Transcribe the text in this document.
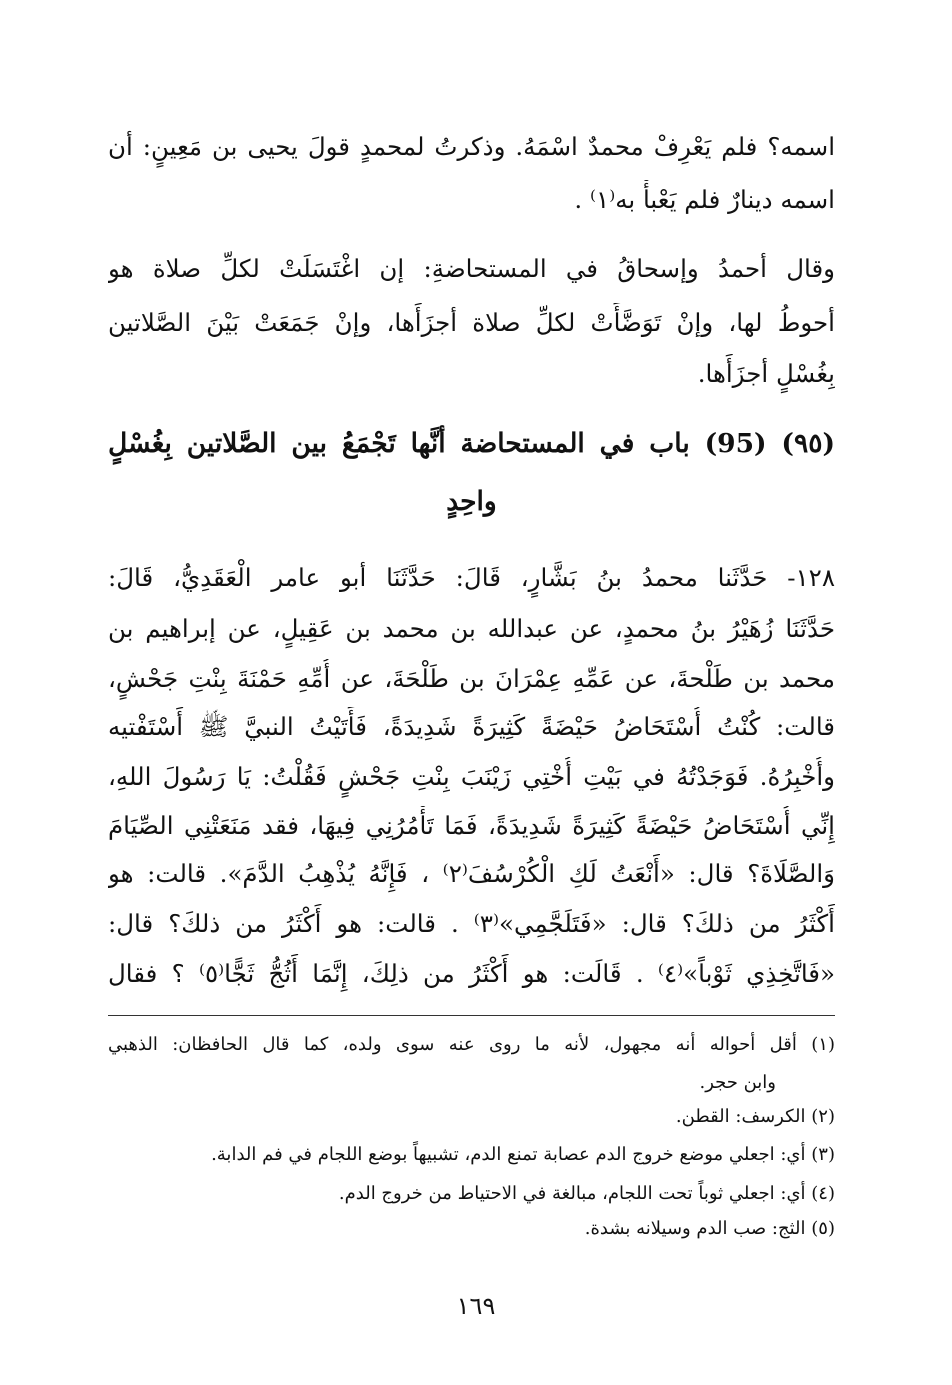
اسمه؟ فلم يَعْرِفْ محمدٌ اسْمَهُ. وذكرتُ لمحمدٍ قولَ يحيى بن مَعِينٍ: أن
اسمه دينارٌ فلم يَعْبأْ به⁽١⁾ .
وقال أحمدُ وإسحاقُ في المستحاضةِ: إن اغْتَسَلَتْ لكلِّ صلاة هو
أحوطُ لها، وإنْ تَوَضَّأَتْ لكلِّ صلاة أجزَأَها، وإنْ جَمَعَتْ بَيْنَ الصَّلاتين
بِغُسْلٍ أجزَأَها.
(٩٥) (95) باب في المستحاضة أنَّها تَجْمَعُ بين الصَّلاتين بِغُسْلٍ
واحِدٍ
١٢٨- حَدَّثَنا محمدُ بنُ بَشَّارٍ، قَالَ: حَدَّثَنَا أبو عامر الْعَقَدِيُّ، قَالَ:
حَدَّثَنَا زُهَيْرُ بنُ محمدٍ، عن عبدالله بن محمد بن عَقِيلٍ، عن إبراهيم بن
محمد بن طَلْحةَ، عن عَمِّهِ عِمْرَانَ بن طَلْحَةَ، عن أُمِّهِ حَمْنَةَ بِنْتِ جَحْشٍ،
قالت: كُنْتُ أُسْتَحَاضُ حَيْضَةً كَثِيرَةً شَدِيدَةً، فَأَتَيْتُ النبيَّ ﷺ أَسْتَفْتيه
وأُخْبِرُهُ. فَوَجَدْتُهُ في بَيْتِ أُخْتِي زَيْنَبَ بِنْتِ جَحْشٍ فَقُلْتُ: يَا رَسُولَ اللهِ،
إِنِّي أُسْتَحَاضُ حَيْضَةً كَثِيرَةً شَدِيدَةً، فَمَا تَأْمُرُنِي فِيهَا، فقد مَنَعَتْنِي الصِّيَامَ
وَالصَّلَاةَ؟ قال: «أَنْعَتُ لَكِ الْكُرْسُفَ⁽٢⁾ ، فَإِنَّهُ يُذْهِبُ الدَّمَ». قالت: هو
أَكْثَرُ من ذلكَ؟ قال: «فَتَلَجَّمِي»⁽٣⁾ . قالت: هو أَكْثَرُ من ذلكَ؟ قال:
«فَاتَّخِذِي ثَوْباً»⁽٤⁾ . قَالَت: هو أَكْثَرُ من ذلِكَ، إِنَّمَا أَثُجُّ ثَجًّا⁽٥⁾ ؟ فقال
(١) أقل أحواله أنه مجهول، لأنه ما روى عنه سوى ولده، كما قال الحافظان: الذهبي
وابن حجر.
(٢) الكرسف: القطن.
(٣) أي: اجعلي موضع خروج الدم عصابة تمنع الدم، تشبيهاً بوضع اللجام في فم الدابة.
(٤) أي: اجعلي ثوباً تحت اللجام، مبالغة في الاحتياط من خروج الدم.
(٥) الثج: صب الدم وسيلانه بشدة.
١٦٩
